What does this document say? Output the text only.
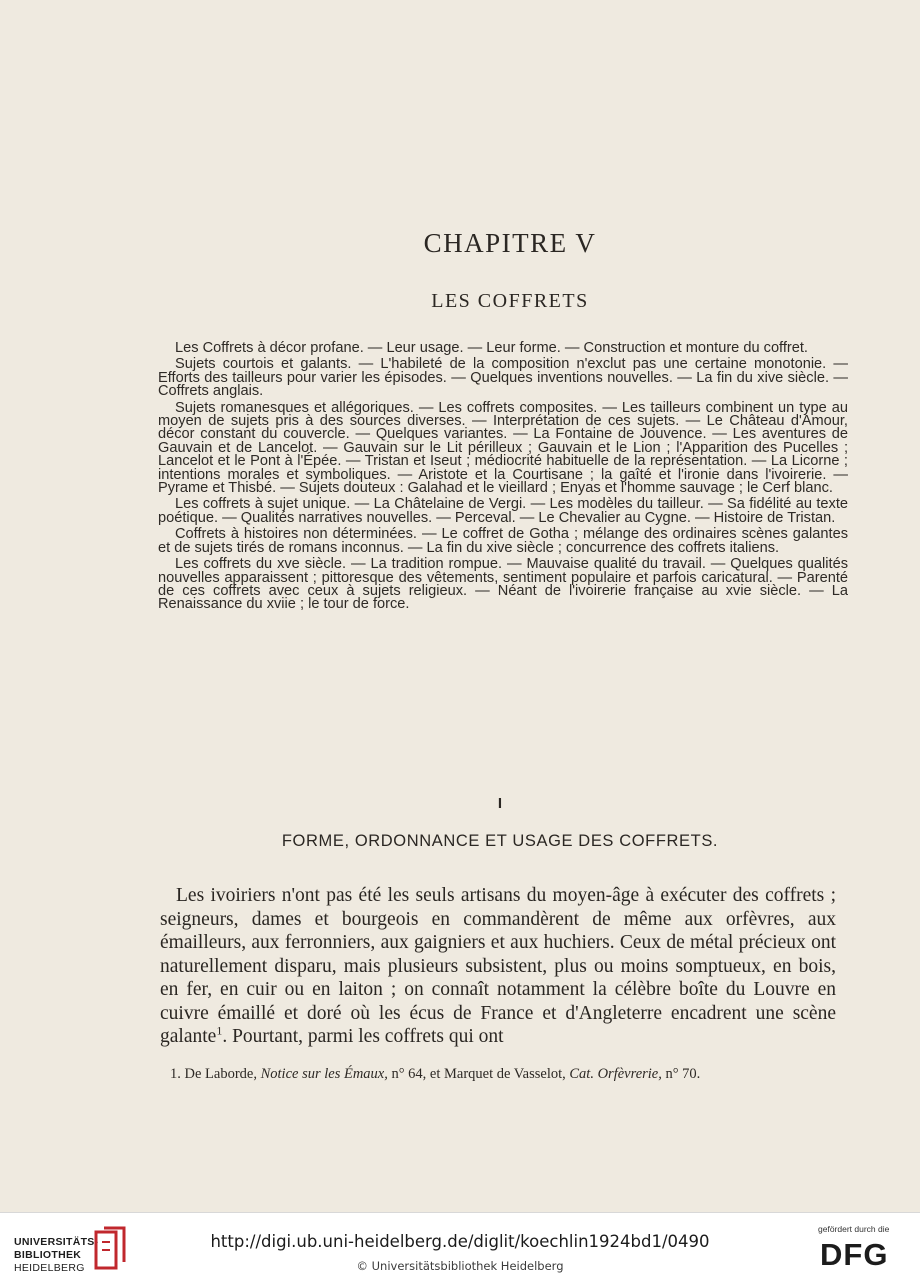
CHAPITRE V
LES COFFRETS

Les Coffrets à décor profane. — Leur usage. — Leur forme. — Construction et monture du coffret.

Sujets courtois et galants. — L'habileté de la composition n'exclut pas une certaine monotonie. — Efforts des tailleurs pour varier les épisodes. — Quelques inventions nouvelles. — La fin du xive siècle. — Coffrets anglais.

Sujets romanesques et allégoriques. — Les coffrets composites. — Les tailleurs combinent un type au moyen de sujets pris à des sources diverses. — Interprétation de ces sujets. — Le Château d'Amour, décor constant du couvercle. — Quelques variantes. — La Fontaine de Jouvence. — Les aventures de Gauvain et de Lancelot. — Gauvain sur le Lit périlleux ; Gauvain et le Lion ; l'Apparition des Pucelles ; Lancelot et le Pont à l'Épée. — Tristan et Iseut ; médiocrité habituelle de la représentation. — La Licorne ; intentions morales et symboliques. — Aristote et la Courtisane ; la gaîté et l'ironie dans l'ivoirerie. — Pyrame et Thisbé. — Sujets douteux : Galahad et le vieillard ; Enyas et l'homme sauvage ; le Cerf blanc.

Les coffrets à sujet unique. — La Châtelaine de Vergi. — Les modèles du tailleur. — Sa fidélité au texte poétique. — Qualités narratives nouvelles. — Perceval. — Le Chevalier au Cygne. — Histoire de Tristan.

Coffrets à histoires non déterminées. — Le coffret de Gotha ; mélange des ordinaires scènes galantes et de sujets tirés de romans inconnus. — La fin du xive siècle ; concurrence des coffrets italiens.

Les coffrets du xve siècle. — La tradition rompue. — Mauvaise qualité du travail. — Quelques qualités nouvelles apparaissent ; pittoresque des vêtements, sentiment populaire et parfois caricatural. — Parenté de ces coffrets avec ceux à sujets religieux. — Néant de l'ivoirerie française au xvie siècle. — La Renaissance du xviie ; le tour de force.

I
FORME, ORDONNANCE ET USAGE DES COFFRETS.
Les ivoiriers n'ont pas été les seuls artisans du moyen-âge à exécuter des coffrets ; seigneurs, dames et bourgeois en commandèrent de même aux orfèvres, aux émailleurs, aux ferronniers, aux gaigniers et aux huchiers. Ceux de métal précieux ont naturellement disparu, mais plusieurs subsistent, plus ou moins somptueux, en bois, en fer, en cuir ou en laiton ; on connaît notamment la célèbre boîte du Louvre en cuivre émaillé et doré où les écus de France et d'Angleterre encadrent une scène galante$^1$. Pourtant, parmi les coffrets qui ont
1. De Laborde, Notice sur les Émaux, n° 64, et Marquet de Vasselot, Cat. Orfèvrerie, n° 70.
UNIVERSITÄTS-
BIBLIOTHEK
HEIDELBERG
http://digi.ub.uni-heidelberg.de/diglit/koechlin1924bd1/0490
© Universitätsbibliothek Heidelberg
gefördert durch die
DFG
